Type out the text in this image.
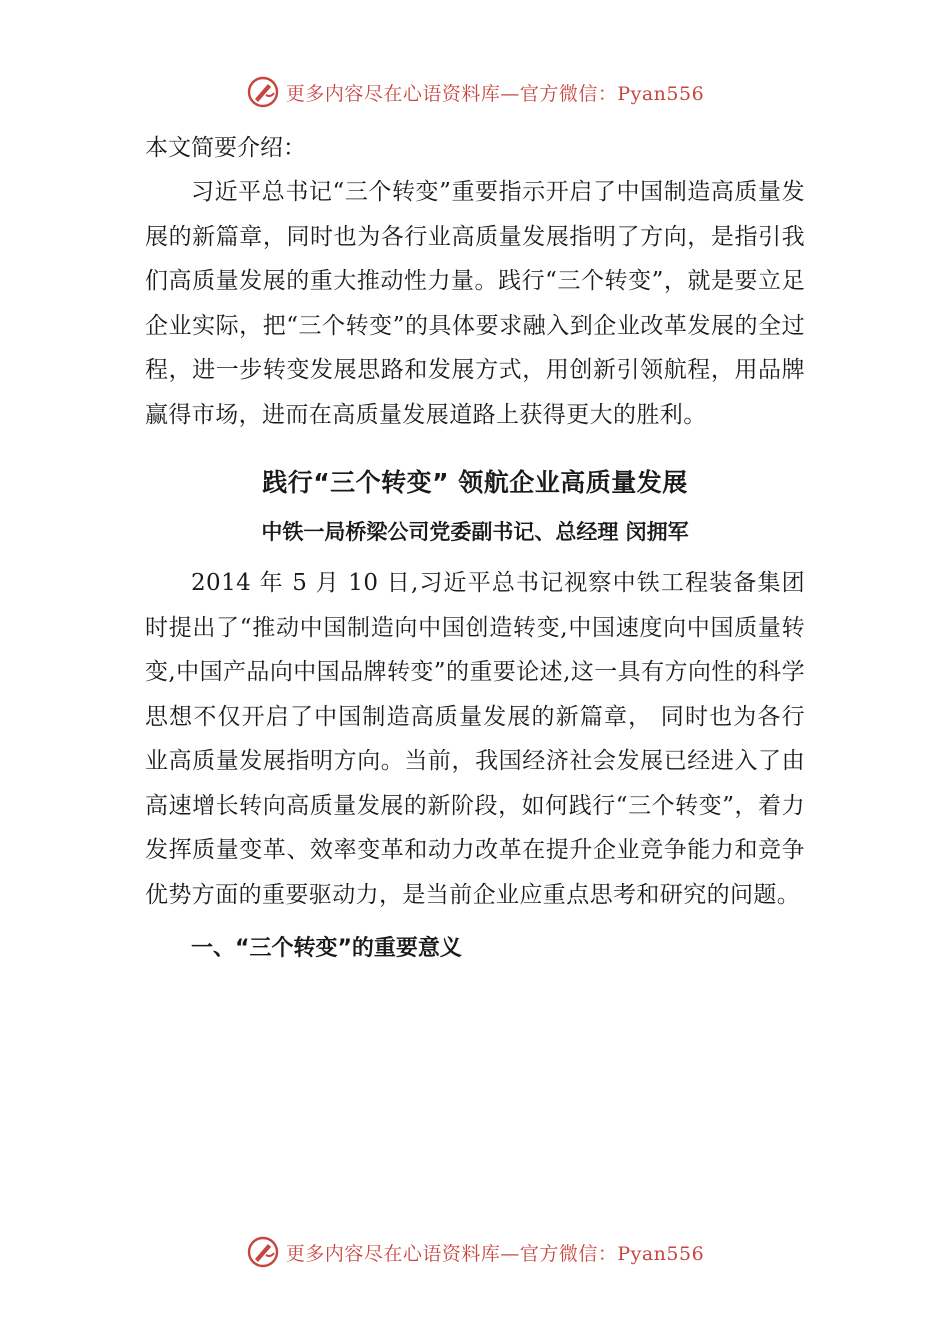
更多内容尽在心语资料库—官方微信：Pyan556

本文简要介绍：

习近平总书记“三个转变”重要指示开启了中国制造高质量发展的新篇章，同时也为各行业高质量发展指明了方向，是指引我们高质量发展的重大推动性力量。践行“三个转变”，就是要立足企业实际，把“三个转变”的具体要求融入到企业改革发展的全过程，进一步转变发展思路和发展方式，用创新引领航程，用品牌赢得市场，进而在高质量发展道路上获得更大的胜利。

践行“三个转变” 领航企业高质量发展
中铁一局桥梁公司党委副书记、总经理 闵拥军

2014 年 5 月 10 日,习近平总书记视察中铁工程装备集团时提出了“推动中国制造向中国创造转变,中国速度向中国质量转变,中国产品向中国品牌转变”的重要论述,这一具有方向性的科学思想不仅开启了中国制造高质量发展的新篇章， 同时也为各行业高质量发展指明方向。当前，我国经济社会发展已经进入了由高速增长转向高质量发展的新阶段，如何践行“三个转变”，着力发挥质量变革、效率变革和动力改革在提升企业竞争能力和竞争优势方面的重要驱动力，是当前企业应重点思考和研究的问题。

一、“三个转变”的重要意义
更多内容尽在心语资料库—官方微信：Pyan556
